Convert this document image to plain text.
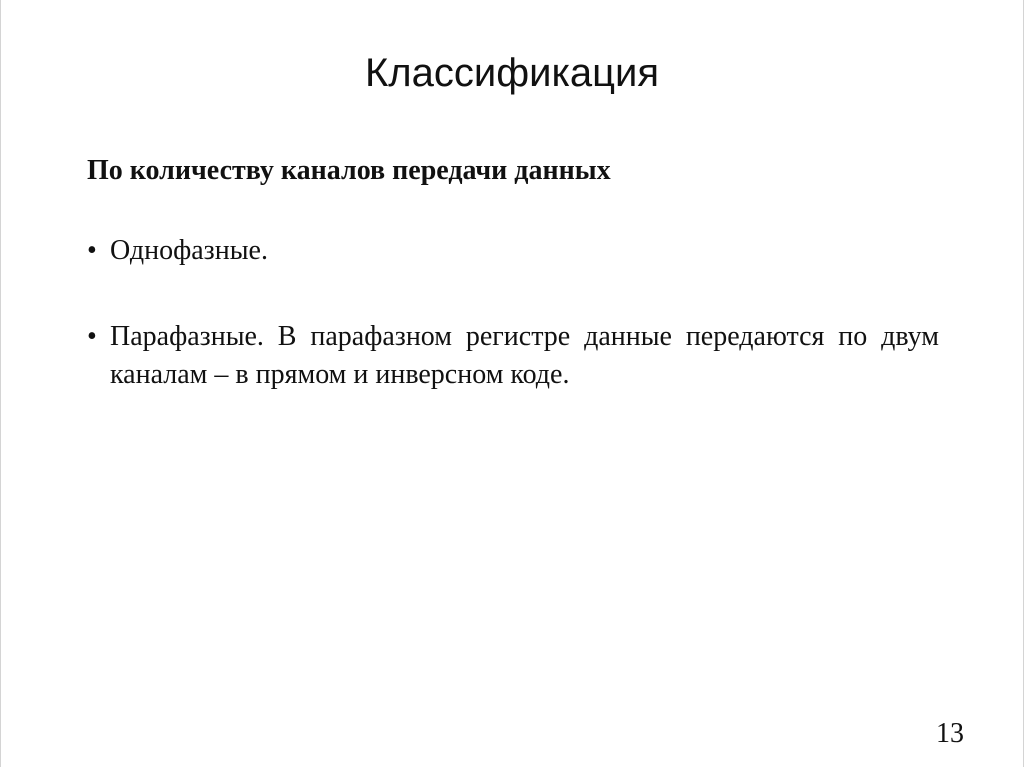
Классификация

По количеству каналов передачи данных

• Однофазные.
• Парафазные. В парафазном регистре данные передаются по двум каналам – в прямом и инверсном коде.
13
